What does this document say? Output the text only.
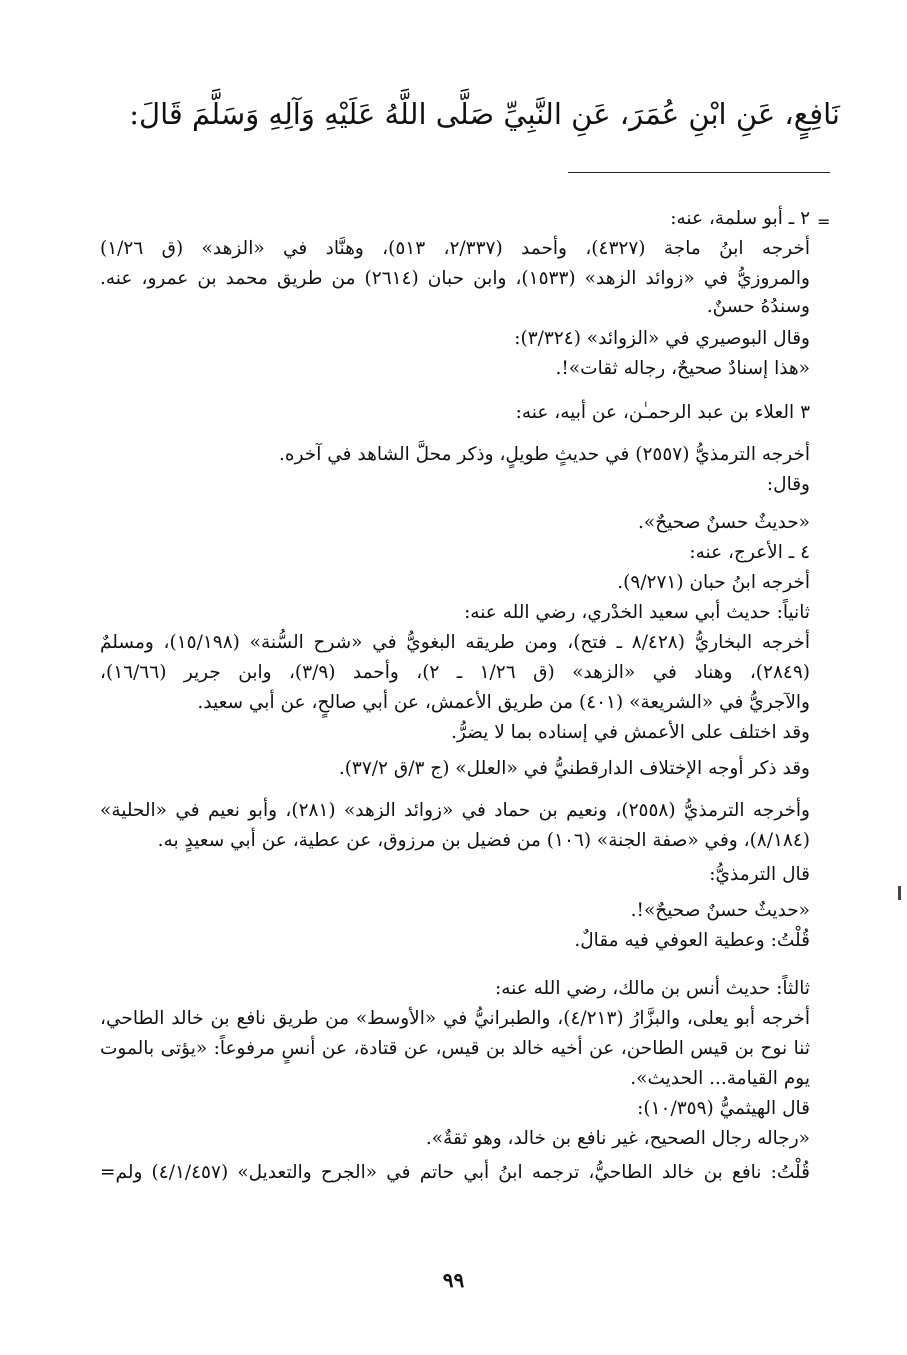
نَافِعٍ، عَنِ ابْنِ عُمَرَ، عَنِ النَّبِيِّ صَلَّى اللَّهُ عَلَيْهِ وَآلِهِ وَسَلَّمَ قَالَ:
=
٢ ـ أبو سلمة، عنه:
أخرجه ابنُ ماجة (٤٣٢٧)، وأحمد (٢/٣٣٧، ٥١٣)، وهنَّاد في «الزهد» (ق ١/٢٦)
والمروزيُّ في «زوائد الزهد» (١٥٣٣)، وابن حبان (٢٦١٤) من طريق محمد بن عمرو، عنه.
وسندُهُ حسنٌ.
وقال البوصيري في «الزوائد» (٣/٣٢٤):
«هذا إسنادٌ صحيحٌ، رجاله ثقات»!.
٣ العلاء بن عبد الرحمـٰن، عن أبيه، عنه:
أخرجه الترمذيُّ (٢٥٥٧) في حديثٍ طويلٍ، وذكر محلَّ الشاهد في آخره.
وقال:
«حديثٌ حسنٌ صحيحٌ».
٤ ـ الأعرج، عنه:
أخرجه ابنُ حبان (٩/٢٧١).
ثانياً: حديث أبي سعيد الخدْري، رضي الله عنه:
أخرجه البخاريُّ (٨/٤٢٨ ـ فتح)، ومن طريقه البغويُّ في «شرح السُّنة» (١٥/١٩٨)، ومسلمٌ
(٢٨٤٩)، وهناد في «الزهد» (ق ١/٢٦ ـ ٢)، وأحمد (٣/٩)، وابن جرير (١٦/٦٦)،
والآجريُّ في «الشريعة» (٤٠١) من طريق الأعمش، عن أبي صالحٍ، عن أبي سعيد.
وقد اختلف على الأعمش في إسناده بما لا يضرُّ.
وقد ذكر أوجه الإختلاف الدارقطنيُّ في «العلل» (ج ٣/ق ٣٧/٢).
وأخرجه الترمذيُّ (٢٥٥٨)، ونعيم بن حماد في «زوائد الزهد» (٢٨١)، وأبو نعيم في «الحلية»
(٨/١٨٤)، وفي «صفة الجنة» (١٠٦) من فضيل بن مرزوق، عن عطية، عن أبي سعيدٍ به.
قال الترمذيُّ:
«حديثٌ حسنٌ صحيحٌ»!.
قُلْتُ: وعطية العوفي فيه مقالٌ.
ثالثاً: حديث أنس بن مالك، رضي الله عنه:
أخرجه أبو يعلى، والبزَّارُ (٤/٢١٣)، والطبرانيُّ في «الأوسط» من طريق نافع بن خالد الطاحي،
ثنا نوح بن قيس الطاحن، عن أخيه خالد بن قيس، عن قتادة، عن أنسٍ مرفوعاً: «يؤتى بالموت
يوم القيامة... الحديث».
قال الهيثميُّ (١٠/٣٥٩):
«رجاله رجال الصحيح، غير نافع بن خالد، وهو ثقةٌ».
قُلْتُ: نافع بن خالد الطاحيُّ، ترجمه ابنُ أبي حاتم في «الجرح والتعديل» (٤/١/٤٥٧) ولم=
٩٩
